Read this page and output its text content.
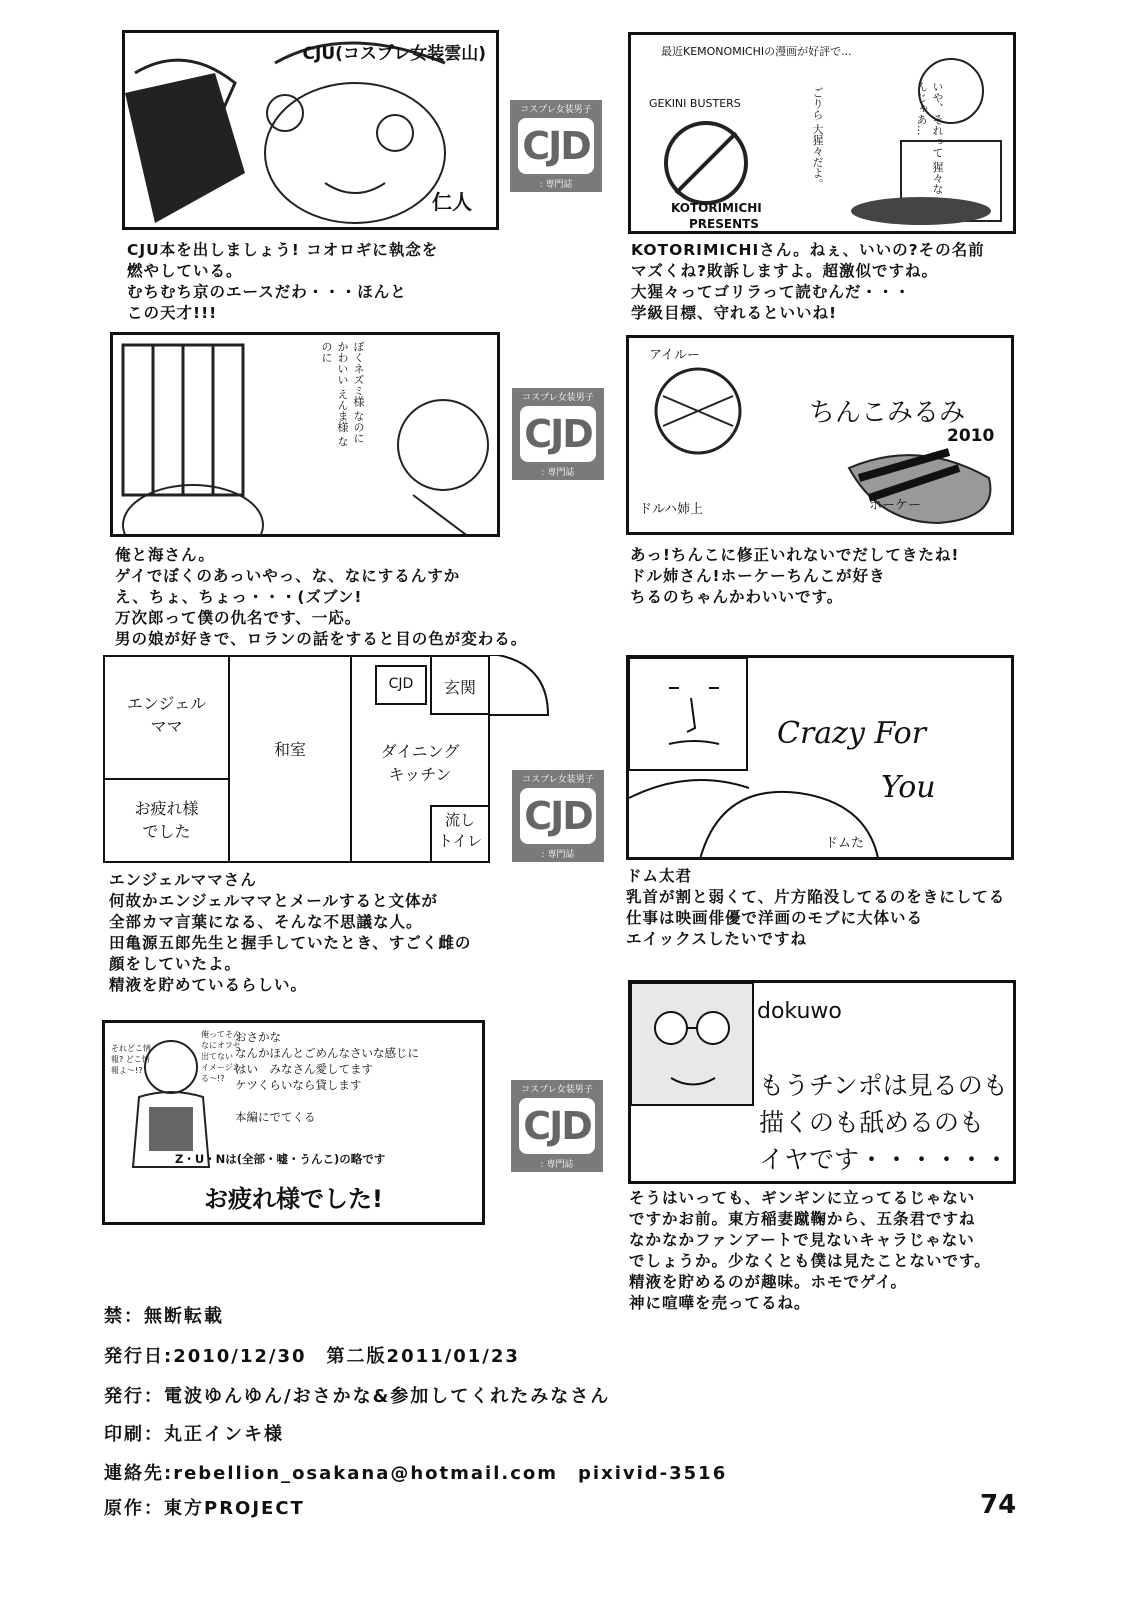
CJU(コスプレ女装雲山)
仁人
CJU本を出しましょう! コオロギに執念を
燃やしている。
むちむち京のエースだわ・・・ほんと
この天才!!!
コスプレ女装男子
CJD
: 専門誌
最近KEMONOMICHIの漫画が好評で...
GEKINI BUSTERS
KOTORIMICHI
PRESENTS
ごりら 大猩々だよ。	いや、それって 猩々なんじゃあ...
KOTORIMICHIさん。ねぇ、いいの?その名前
マズくね?敗訴しますよ。超激似ですね。
大猩々ってゴリラって読むんだ・・・
学級目標、守れるといいね!
ぼくネズミ様 なのに かわいい えんま様 なのに
俺と海さん。
ゲイでぼくのあっいやっ、な、なにするんすか
え、ちょ、ちょっ・・・(ズブン!
万次郎って僕の仇名です、一応。
男の娘が好きで、ロランの話をすると目の色が変わる。
コスプレ女装男子
CJD
: 専門誌
アイルー
ちんこみるみ
2010
ドルハ姉上	ホーケー
あっ!ちんこに修正いれないでだしてきたね!
ドル姉さん!ホーケーちんこが好き
ちるのちゃんかわいいです。
エンジェル
ママ
お疲れ様
でした
和室	ダイニング
キッチン
CJD	玄関
流し
トイレ
エンジェルママさん
何故かエンジェルママとメールすると文体が
全部カマ言葉になる、そんな不思議な人。
田亀源五郎先生と握手していたとき、すごく雌の
顔をしていたよ。
精液を貯めているらしい。
コスプレ女装男子
CJD
: 専門誌
Crazy For
You
ドムた
ドム太君
乳首が割と弱くて、片方陥没してるのをきにしてる
仕事は映画俳優で洋画のモブに大体いる
エイックスしたいですね
それどこ情報? どこ情報よ～!?
俺ってそんなにオフセ出てない イメージある～!?
おさかな
なんかほんとごめんなさいな感じに
はい　みなさん愛してます
ケツくらいなら貸します

本編にでてくる
Z・U・Nは(全部・嘘・うんこ)の略です
お疲れ様でした!
コスプレ女装男子
CJD
: 専門誌
dokuwo
もうチンポは見るのも
描くのも舐めるのも
イヤです・・・・・・
そうはいっても、ギンギンに立ってるじゃない
ですかお前。東方稲妻蹴鞠から、五条君ですね
なかなかファンアートで見ないキャラじゃない
でしょうか。少なくとも僕は見たことないです。
精液を貯めるのが趣味。ホモでゲイ。
神に喧嘩を売ってるね。
禁：無断転載
発行日:2010/12/30　第二版2011/01/23
発行：電波ゆんゆん/おさかな&参加してくれたみなさん
印刷：丸正インキ様
連絡先:rebellion_osakana@hotmail.com　pixivid-3516
原作：東方PROJECT	74
